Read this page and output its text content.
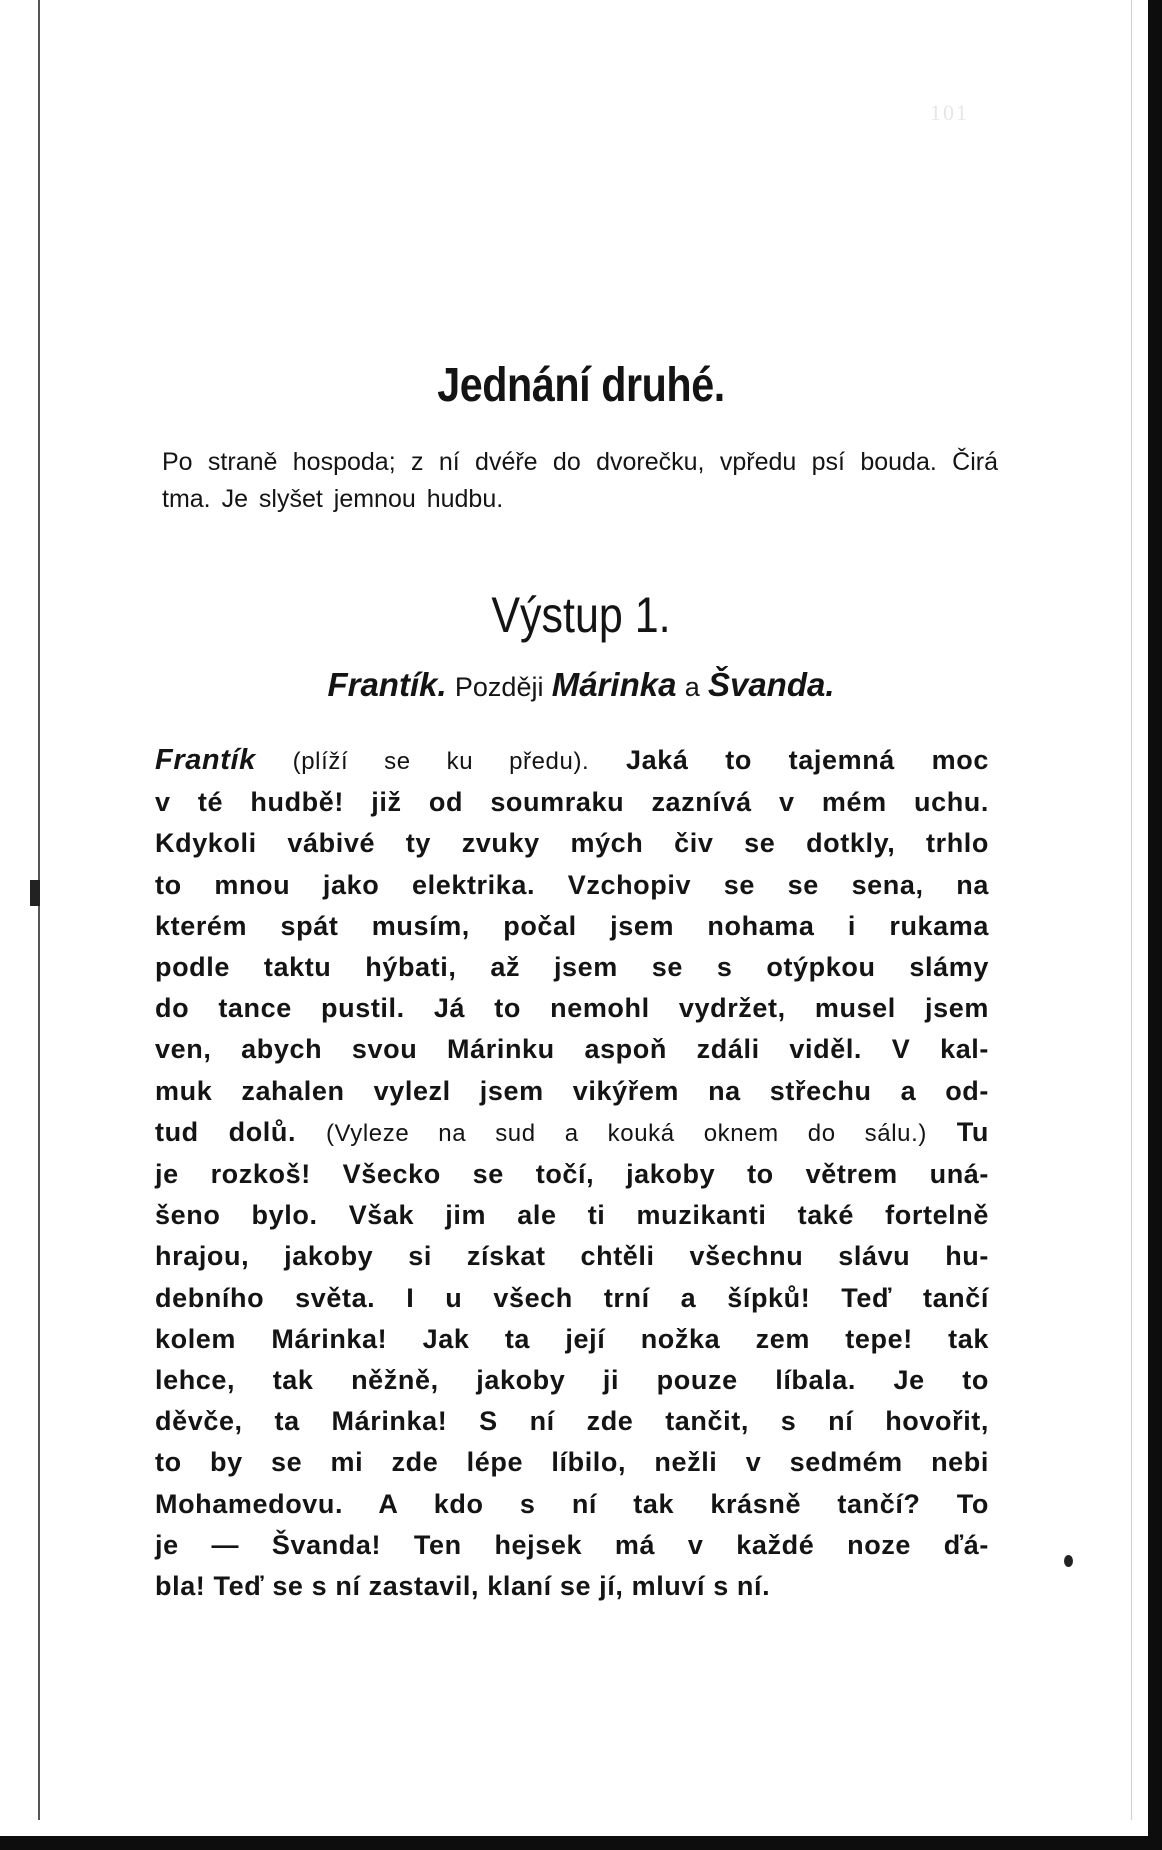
101
Jednání druhé.
Po straně hospoda; z ní dvéře do dvorečku, vpředu psí bouda. Čirá tma. Je slyšet jemnou hudbu.
Výstup 1.
Frantík. Později Márinka a Švanda.
Frantík (plíží se ku předu). Jaká to tajemná moc
v té hudbě! již od soumraku zaznívá v mém uchu.
Kdykoli vábivé ty zvuky mých čiv se dotkly, trhlo
to mnou jako elektrika. Vzchopiv se se sena, na
kterém spát musím, počal jsem nohama i rukama
podle taktu hýbati, až jsem se s otýpkou slámy
do tance pustil. Já to nemohl vydržet, musel jsem
ven, abych svou Márinku aspoň zdáli viděl. V kal-
muk zahalen vylezl jsem vikýřem na střechu a od-
tud dolů. (Vyleze na sud a kouká oknem do sálu.) Tu
je rozkoš! Všecko se točí, jakoby to větrem uná-
šeno bylo. Však jim ale ti muzikanti také fortelně
hrajou, jakoby si získat chtěli všechnu slávu hu-
debního světa. I u všech trní a šípků! Teď tančí
kolem Márinka! Jak ta její nožka zem tepe! tak
lehce, tak něžně, jakoby ji pouze líbala. Je to
děvče, ta Márinka! S ní zde tančit, s ní hovořit,
to by se mi zde lépe líbilo, nežli v sedmém nebi
Mohamedovu. A kdo s ní tak krásně tančí? To
je — Švanda! Ten hejsek má v každé noze ďá-
bla! Teď se s ní zastavil, klaní se jí, mluví s ní.
